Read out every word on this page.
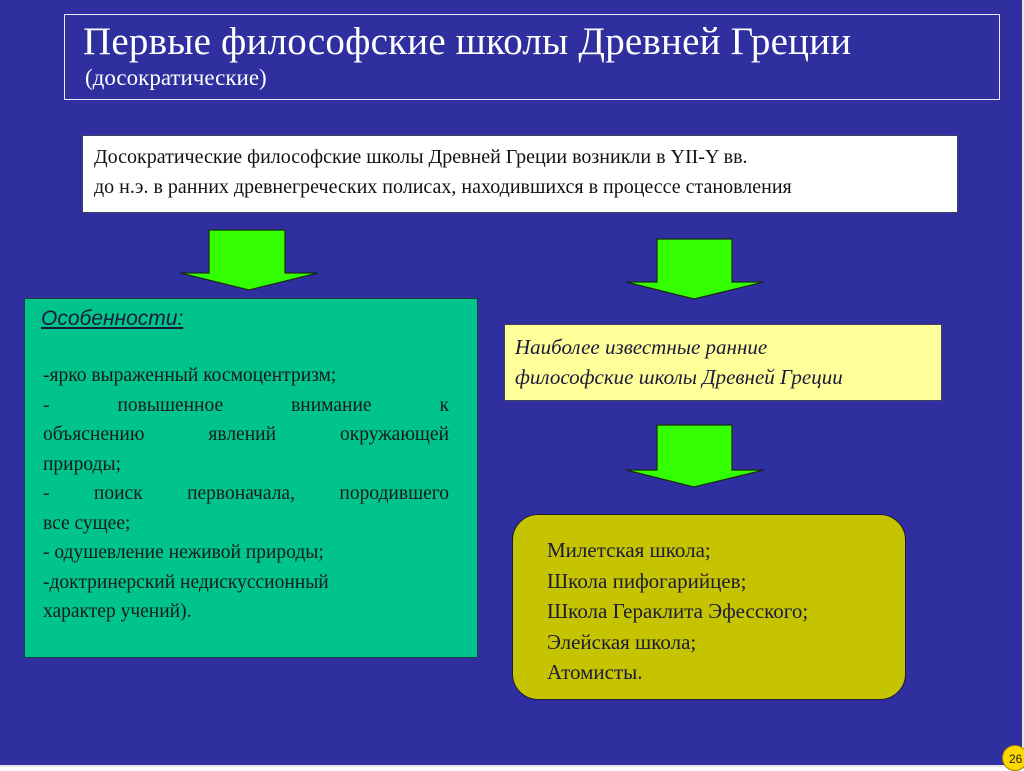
Первые философские школы Древней Греции
(досократические)
Досократические философские школы Древней Греции возникли в YII-Y вв.
до н.э. в ранних древнегреческих полисах, находившихся в процессе становления
Особенности:
-ярко выраженный космоцентризм;
- повышенное внимание к
объяснению явлений окружающей
природы;
- поиск первоначала, породившего
все сущее;
- одушевление неживой природы;
-доктринерский недискуссионный
характер учений).
Наиболее известные ранние
философские школы Древней Греции
Милетская школа;
Школа пифогарийцев;
Школа Гераклита Эфесского;
Элейская школа;
Атомисты.
26
